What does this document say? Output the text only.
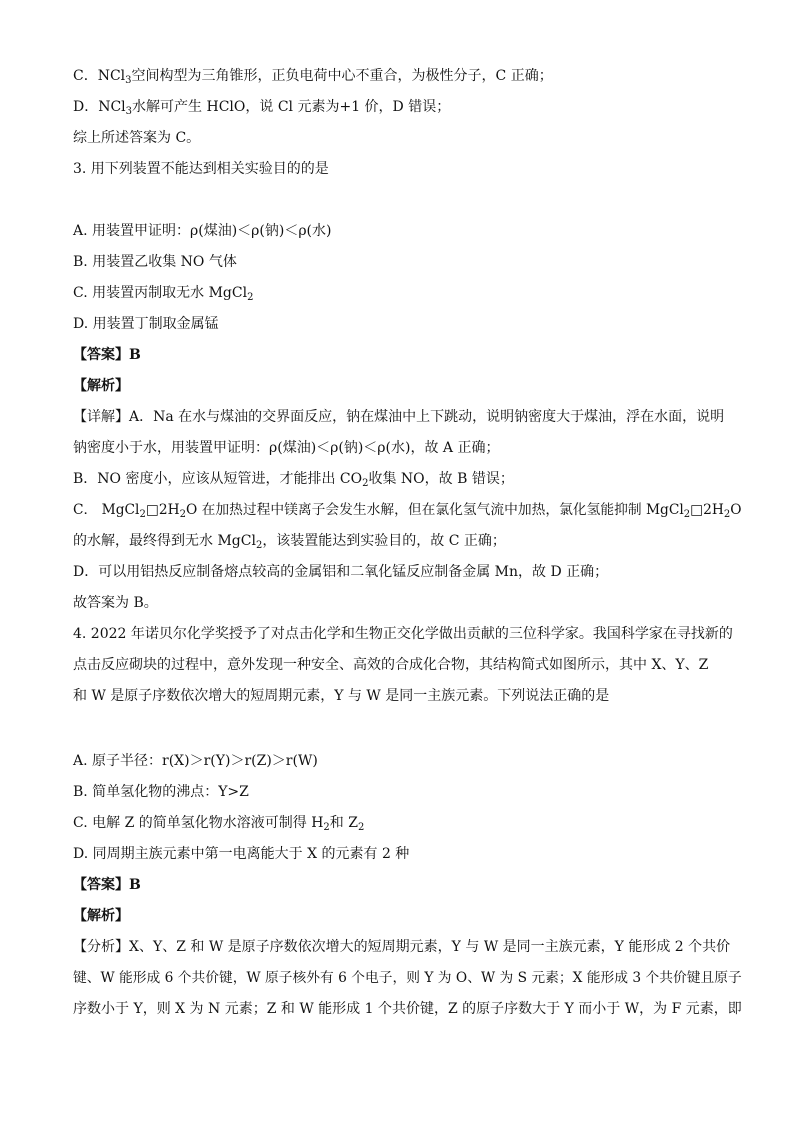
C．NCl$_3$空间构型为三角锥形，正负电荷中心不重合，为极性分子，C 正确；
D．NCl$_3$水解可产生 HClO，说 Cl 元素为+1 价，D 错误；
综上所述答案为 C。
3. 用下列装置不能达到相关实验目的的是
A. 用装置甲证明：ρ(煤油)＜ρ(钠)＜ρ(水)
B. 用装置乙收集 NO 气体
C. 用装置丙制取无水 MgCl$_2$
D. 用装置丁制取金属锰
【答案】B
【解析】
【详解】A．Na 在水与煤油的交界面反应，钠在煤油中上下跳动，说明钠密度大于煤油，浮在水面，说明
钠密度小于水，用装置甲证明：ρ(煤油)＜ρ(钠)＜ρ(水)，故 A 正确；
B．NO 密度小，应该从短管进，才能排出 $CO_2$收集 NO，故 B 错误；
C． $MgCl_2□2H_2O$ 在加热过程中镁离子会发生水解，但在氯化氢气流中加热，氯化氢能抑制 $MgCl_2□2H_2O$
的水解，最终得到无水 MgCl$_2$，该装置能达到实验目的，故 C 正确；
D．可以用铝热反应制备熔点较高的金属铝和二氧化锰反应制备金属 Mn，故 D 正确；
故答案为 B。
4. 2022 年诺贝尔化学奖授予了对点击化学和生物正交化学做出贡献的三位科学家。我国科学家在寻找新的
点击反应砌块的过程中，意外发现一种安全、高效的合成化合物，其结构简式如图所示，其中 X、Y、Z
和 W 是原子序数依次增大的短周期元素，Y 与 W 是同一主族元素。下列说法正确的是
A. 原子半径：r(X)＞r(Y)＞r(Z)＞r(W)
B. 简单氢化物的沸点：Y>Z
C. 电解 Z 的简单氢化物水溶液可制得 $H_2$和 $Z_2$
D. 同周期主族元素中第一电离能大于 X 的元素有 2 种
【答案】B
【解析】
【分析】X、Y、Z 和 W 是原子序数依次增大的短周期元素，Y 与 W 是同一主族元素，Y 能形成 2 个共价
键、W 能形成 6 个共价键，W 原子核外有 6 个电子，则 Y 为 O、W 为 S 元素；X 能形成 3 个共价键且原子
序数小于 Y，则 X 为 N 元素；Z 和 W 能形成 1 个共价键，Z 的原子序数大于 Y 而小于 W，为 F 元素，即
